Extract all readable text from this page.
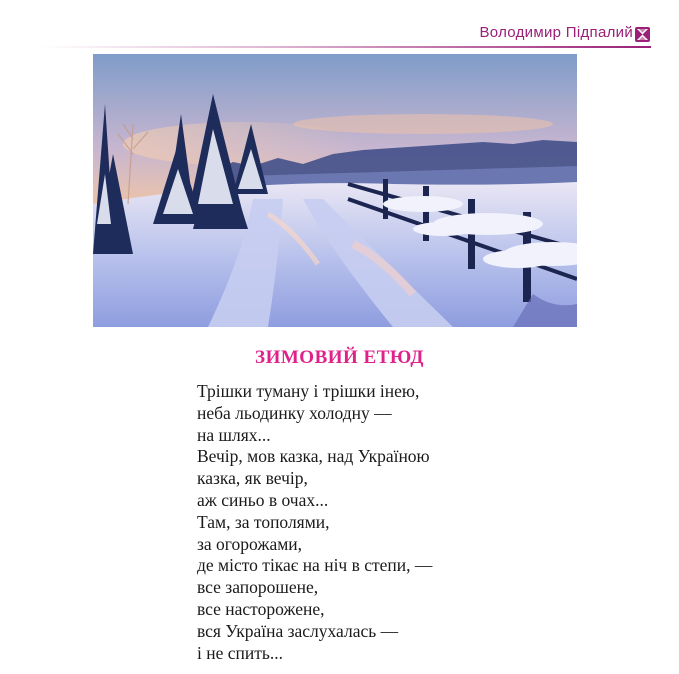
Володимир Підпалий
ЗИМОВИЙ ЕТЮД
Трішки туману і трішки інею,
неба льодинку холодну —
на шлях...
Вечір, мов казка, над Україною
казка, як вечір,
аж синьо в очах...
Там, за тополями,
за огорожами,
де місто тікає на ніч в степи, —
все запорошене,
все насторожене,
вся Україна заслухалась —
і не спить...
